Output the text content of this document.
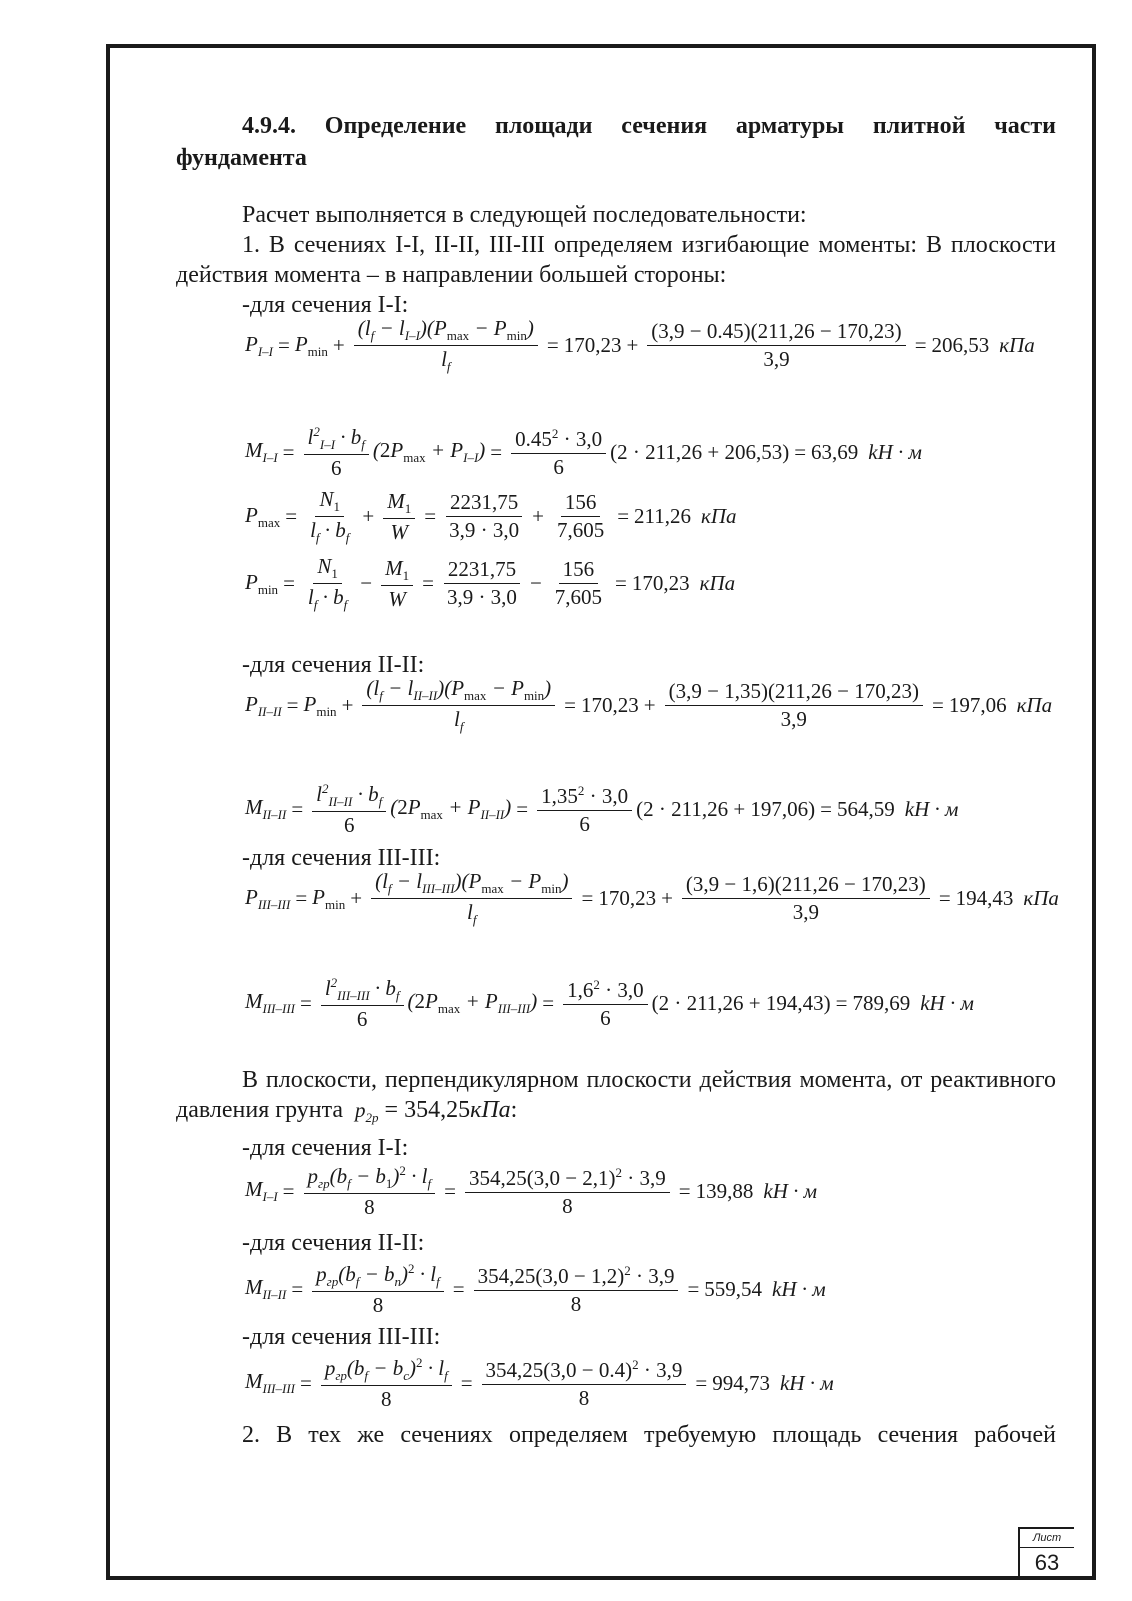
4.9.4. Определение площади сечения арматуры плитной части
фундамента
Расчет выполняется в следующей последовательности:
1. В сечениях I-I, II-II, III-III определяем изгибающие моменты: В плоскости действия момента – в направлении большей стороны:
-для сечения I-I:
$P_{I-I} = P_{min} + \frac{(l_f - l_{I-I})(P_{max} - P_{min})}{l_f} = 170,23 + \frac{(3,9 - 0.45)(211,26 - 170,23)}{3,9} = 206,53$ кПа
$M_{I-I} = \frac{l^2_{I-I} \cdot b_f}{6} (2P_{max} + P_{I-I}) = \frac{0.45^2 \cdot 3,0}{6} (2 \cdot 211,26 + 206,53) = 63,69$ kH · м
$P_{max} = \frac{N_1}{l_f \cdot b_f} + \frac{M_1}{W} = \frac{2231,75}{3,9 \cdot 3,0} + \frac{156}{7,605} = 211,26$ кПа
$P_{min} = \frac{N_1}{l_f \cdot b_f} - \frac{M_1}{W} = \frac{2231,75}{3,9 \cdot 3,0} - \frac{156}{7,605} = 170,23$ кПа
-для сечения II-II:
$P_{II-II} = P_{min} + \frac{(l_f - l_{II-II})(P_{max} - P_{min})}{l_f} = 170,23 + \frac{(3,9 - 1,35)(211,26 - 170,23)}{3,9} = 197,06$ кПа
$M_{II-II} = \frac{l^2_{II-II} \cdot b_f}{6} (2P_{max} + P_{II-II}) = \frac{1,35^2 \cdot 3,0}{6} (2 \cdot 211,26 + 197,06) = 564,59$ kH · м
-для сечения III-III:
$P_{III-III} = P_{min} + \frac{(l_f - l_{III-III})(P_{max} - P_{min})}{l_f} = 170,23 + \frac{(3,9 - 1,6)(211,26 - 170,23)}{3,9} = 194,43$ кПа
$M_{III-III} = \frac{l^2_{III-III} \cdot b_f}{6} (2P_{max} + P_{III-III}) = \frac{1,6^2 \cdot 3,0}{6} (2 \cdot 211,26 + 194,43) = 789,69$ kH · м
В плоскости, перпендикулярном плоскости действия момента, от реактивного давления грунта $p_{2p} = 354,25кПа$:
-для сечения I-I:
$M_{I-I} = \frac{p_{гр}(b_f - b_1)^2 \cdot l_f}{8} = \frac{354,25(3,0 - 2,1)^2 \cdot 3,9}{8} = 139,88$ kH · м
-для сечения II-II:
$M_{II-II} = \frac{p_{гр}(b_f - b_п)^2 \cdot l_f}{8} = \frac{354,25(3,0 - 1,2)^2 \cdot 3,9}{8} = 559,54$ kH · м
-для сечения III-III:
$M_{III-III} = \frac{p_{гр}(b_f - b_c)^2 \cdot l_f}{8} = \frac{354,25(3,0 - 0.4)^2 \cdot 3,9}{8} = 994,73$ kH · м
2. В тех же сечениях определяем требуемую площадь сечения рабочей
Лист
63
